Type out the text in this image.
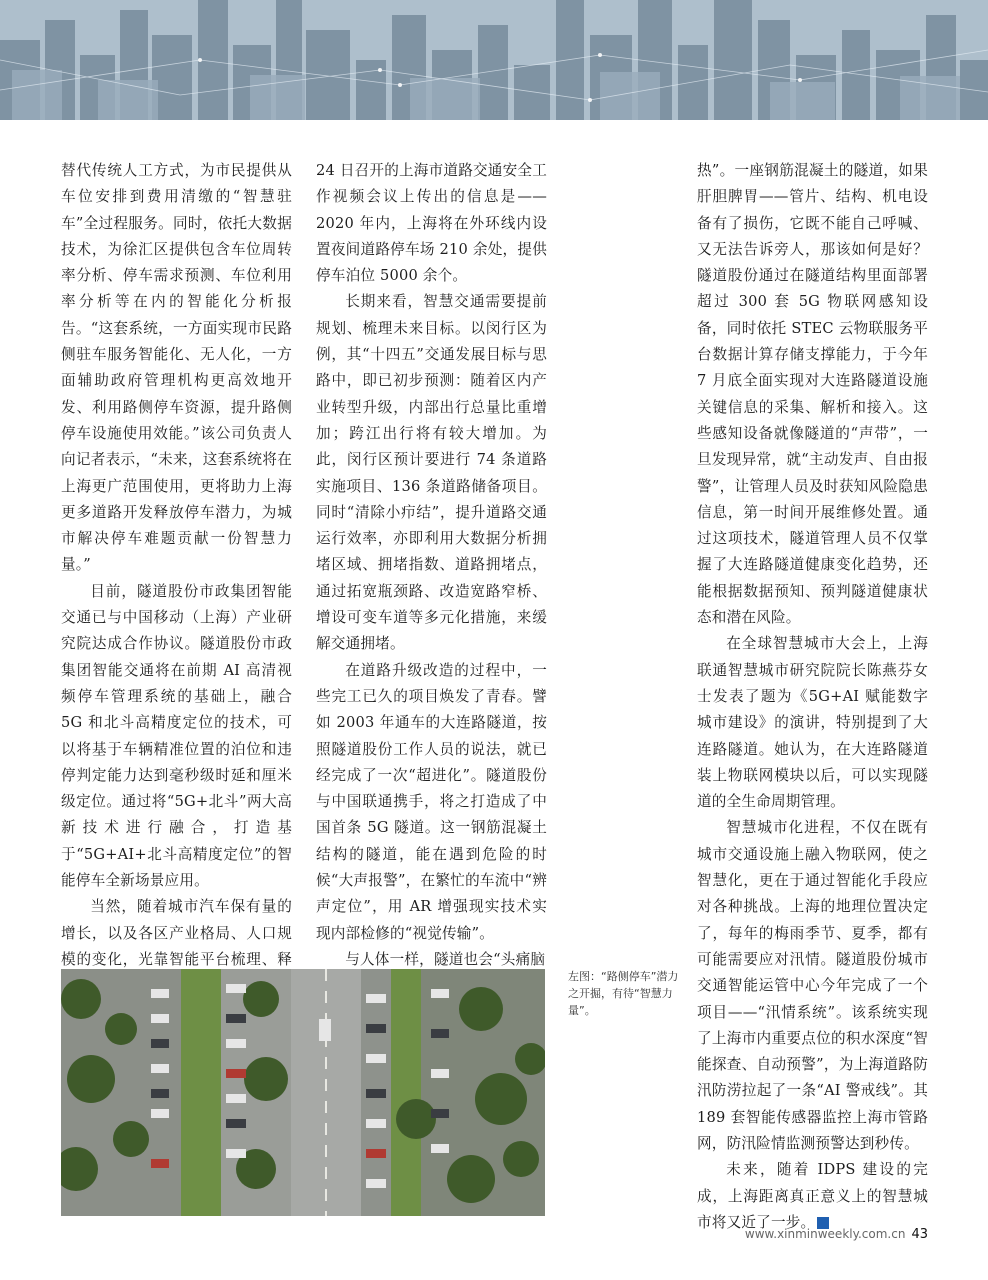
替代传统人工方式，为市民提供从车位安排到费用清缴的“智慧驻车”全过程服务。同时，依托大数据技术，为徐汇区提供包含车位周转率分析、停车需求预测、车位利用率分析等在内的智能化分析报告。“这套系统，一方面实现市民路侧驻车服务智能化、无人化，一方面辅助政府管理机构更高效地开发、利用路侧停车资源，提升路侧停车设施使用效能。”该公司负责人向记者表示，“未来，这套系统将在上海更广范围使用，更将助力上海更多道路开发释放停车潜力，为城市解决停车难题贡献一份智慧力量。”

目前，隧道股份市政集团智能交通已与中国移动（上海）产业研究院达成合作协议。隧道股份市政集团智能交通将在前期 AI 高清视频停车管理系统的基础上，融合 5G 和北斗高精度定位的技术，可以将基于车辆精准位置的泊位和违停判定能力达到毫秒级时延和厘米级定位。通过将“5G+北斗”两大高新技术进行融合，打造基于“5G+AI+北斗高精度定位”的智能停车全新场景应用。

当然，随着城市汽车保有量的增长，以及各区产业格局、人口规模的变化，光靠智能平台梳理、释

24 日召开的上海市道路交通安全工作视频会议上传出的信息是——2020 年内，上海将在外环线内设置夜间道路停车场 210 余处，提供停车泊位 5000 余个。

长期来看，智慧交通需要提前规划、梳理未来目标。以闵行区为例，其“十四五”交通发展目标与思路中，即已初步预测：随着区内产业转型升级，内部出行总量比重增加；跨江出行将有较大增加。为此，闵行区预计要进行 74 条道路实施项目、136 条道路储备项目。同时“清除小疖结”，提升道路交通运行效率，亦即利用大数据分析拥堵区域、拥堵指数、道路拥堵点，通过拓宽瓶颈路、改造宽路窄桥、增设可变车道等多元化措施，来缓解交通拥堵。

在道路升级改造的过程中，一些完工已久的项目焕发了青春。譬如 2003 年通车的大连路隧道，按照隧道股份工作人员的说法，就已经完成了一次“超进化”。隧道股份与中国联通携手，将之打造成了中国首条 5G 隧道。这一钢筋混凝土结构的隧道，能在遇到危险的时候“大声报警”，在繁忙的车流中“辨声定位”，用 AR 增强现实技术实现内部检修的“视觉传输”。

与人体一样，隧道也会“头痛脑

热”。一座钢筋混凝土的隧道，如果肝胆脾胃——管片、结构、机电设备有了损伤，它既不能自己呼喊、又无法告诉旁人，那该如何是好？隧道股份通过在隧道结构里面部署超过 300 套 5G 物联网感知设备，同时依托 STEC 云物联服务平台数据计算存储支撑能力，于今年 7 月底全面实现对大连路隧道设施关键信息的采集、解析和接入。这些感知设备就像隧道的“声带”，一旦发现异常，就“主动发声、自由报警”，让管理人员及时获知风险隐患信息，第一时间开展维修处置。通过这项技术，隧道管理人员不仅掌握了大连路隧道健康变化趋势，还能根据数据预知、预判隧道健康状态和潜在风险。

在全球智慧城市大会上，上海联通智慧城市研究院院长陈燕芬女士发表了题为《5G+AI 赋能数字城市建设》的演讲，特别提到了大连路隧道。她认为，在大连路隧道装上物联网模块以后，可以实现隧道的全生命周期管理。

智慧城市化进程，不仅在既有城市交通设施上融入物联网，使之智慧化，更在于通过智能化手段应对各种挑战。上海的地理位置决定了，每年的梅雨季节、夏季，都有可能需要应对汛情。隧道股份城市交通智能运管中心今年完成了一个项目——“汛情系统”。该系统实现了上海市内重要点位的积水深度“智能探查、自动预警”，为上海道路防汛防涝拉起了一条“AI 警戒线”。其 189 套智能传感器监控上海市管路网，防汛险情监测预警达到秒传。

未来，随着 IDPS 建设的完成，上海距离真正意义上的智慧城市将又近了一步。	民

左图：“路侧停车”潜力之开掘，有待“智慧力量”。
www.xinminweekly.com.cn 43
